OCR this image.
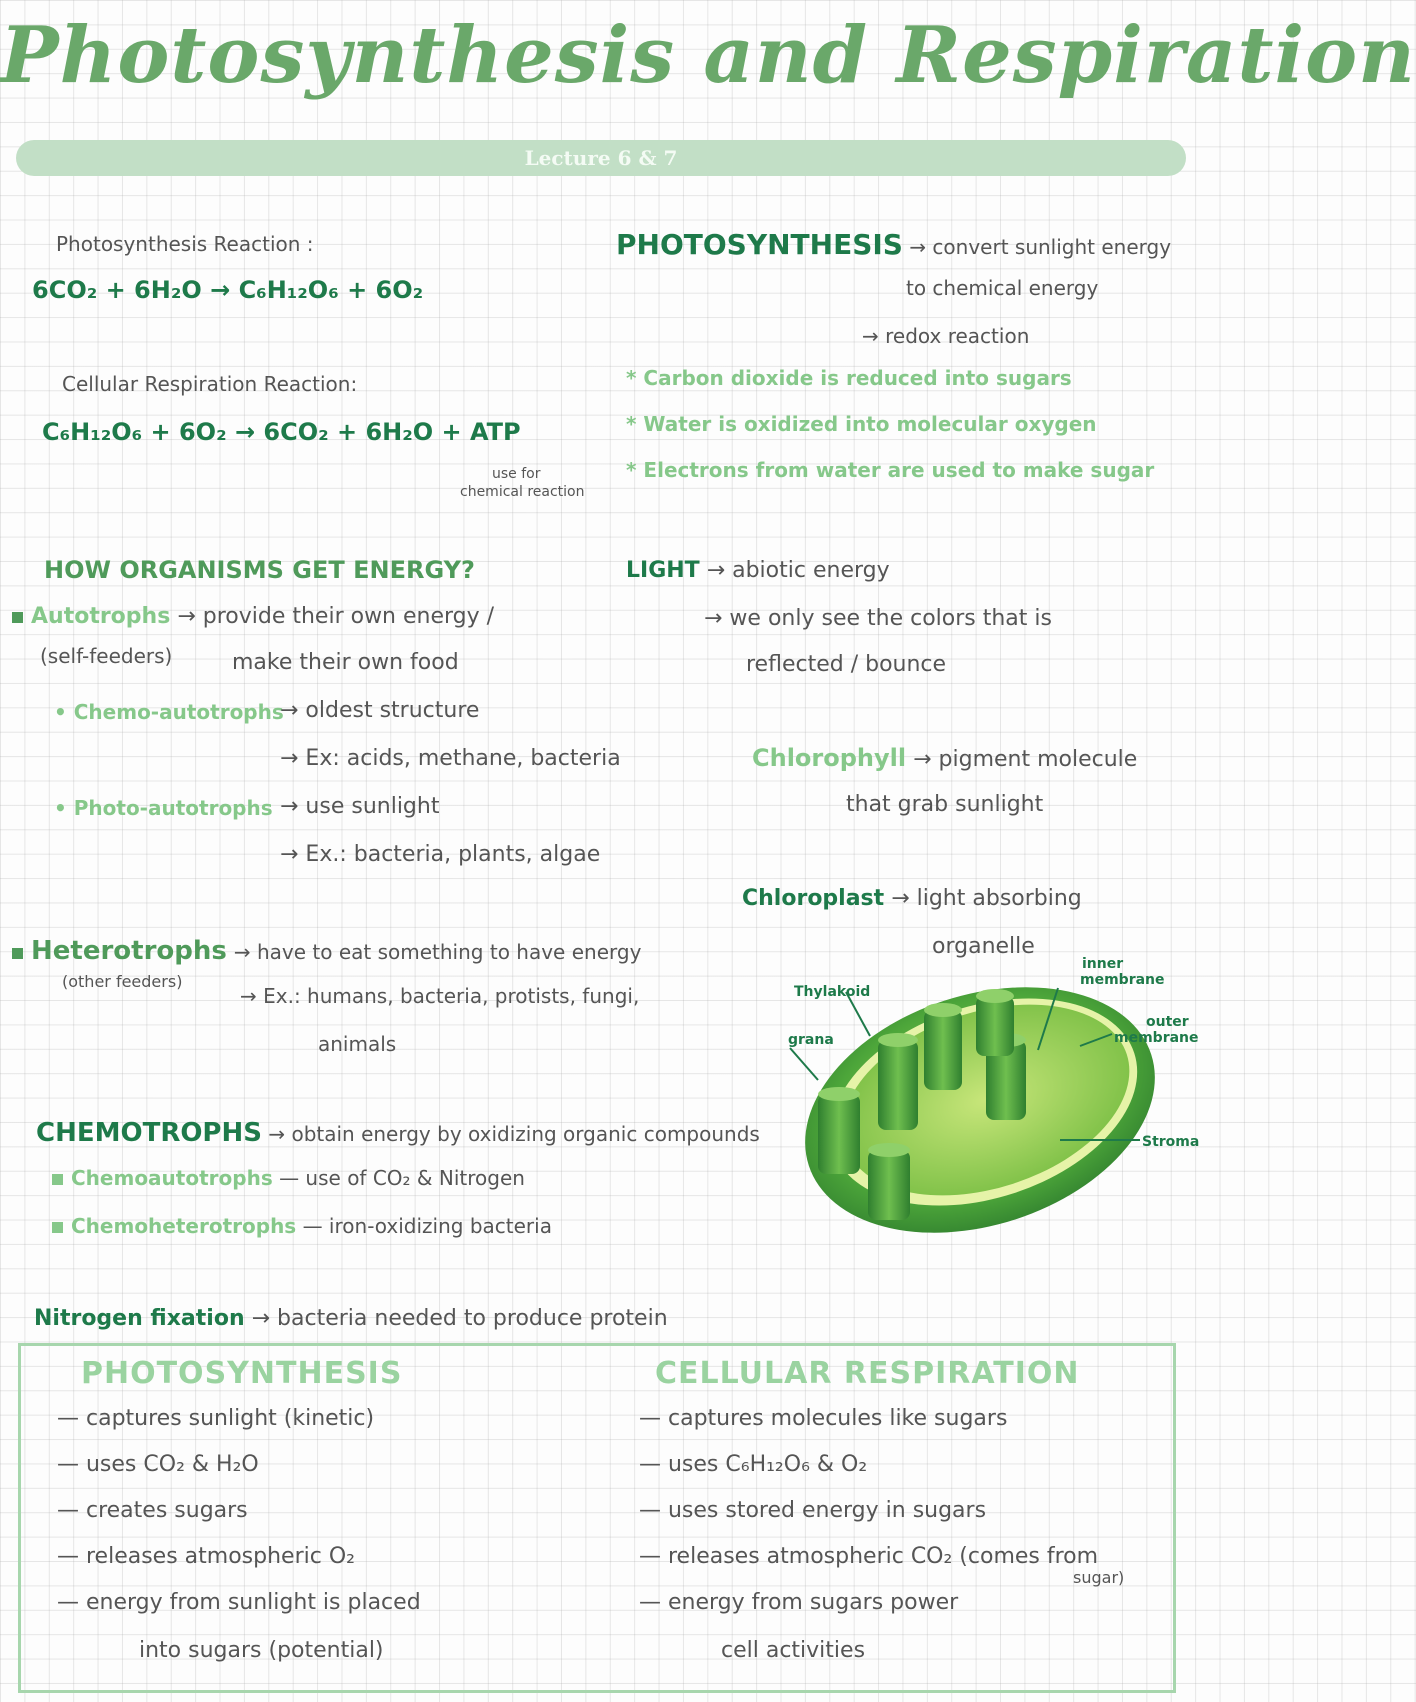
Photosynthesis and Respiration
Lecture 6 & 7
Photosynthesis Reaction :
6CO₂ + 6H₂O → C₆H₁₂O₆ + 6O₂
Cellular Respiration Reaction:
C₆H₁₂O₆ + 6O₂ → 6CO₂ + 6H₂O + ATP
use for
chemical reaction
HOW ORGANISMS GET ENERGY?
Autotrophs → provide their own energy /
(self-feeders)	make their own food
• Chemo-autotrophs
→ oldest structure
→ Ex: acids, methane, bacteria
• Photo-autotrophs → use sunlight
→ Ex.: bacteria, plants, algae
Heterotrophs → have to eat something to have energy
(other feeders)
→ Ex.: humans, bacteria, protists, fungi,
animals
CHEMOTROPHS → obtain energy by oxidizing organic compounds
Chemoautotrophs — use of CO₂ & Nitrogen
Chemoheterotrophs — iron-oxidizing bacteria
Nitrogen fixation → bacteria needed to produce protein
PHOTOSYNTHESIS → convert sunlight energy
to chemical energy
→ redox reaction
* Carbon dioxide is reduced into sugars
* Water is oxidized into molecular oxygen
* Electrons from water are used to make sugar
LIGHT → abiotic energy
→ we only see the colors that is
reflected / bounce
Chlorophyll → pigment molecule
that grab sunlight
Chloroplast → light absorbing
organelle
inner
membrane
outer
membrane
Thylakoid
grana
Stroma
PHOTOSYNTHESIS	CELLULAR RESPIRATION
— captures sunlight (kinetic)
— uses CO₂ & H₂O
— creates sugars
— releases atmospheric O₂
— energy from sunlight is placed
into sugars (potential)
— captures molecules like sugars
— uses C₆H₁₂O₆ & O₂
— uses stored energy in sugars
— releases atmospheric CO₂ (comes from
sugar)
— energy from sugars power
cell activities
